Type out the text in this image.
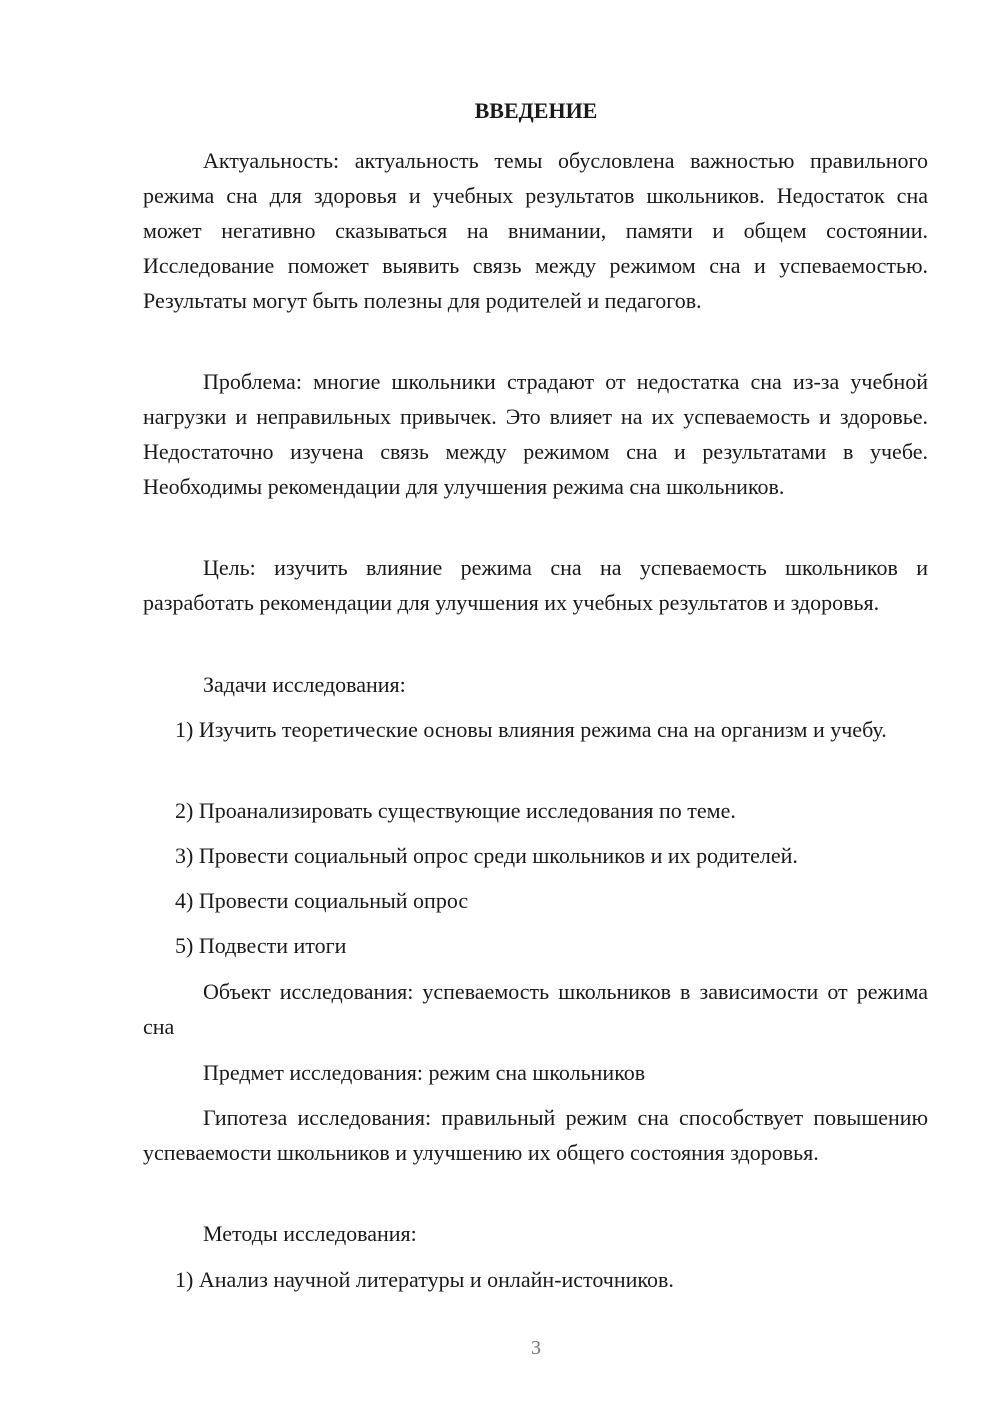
ВВЕДЕНИЕ

Актуальность: актуальность темы обусловлена важностью правильного режима сна для здоровья и учебных результатов школьников. Недостаток сна может негативно сказываться на внимании, памяти и общем состоянии. Исследование поможет выявить связь между режимом сна и успеваемостью. Результаты могут быть полезны для родителей и педагогов.

Проблема: многие школьники страдают от недостатка сна из-за учебной нагрузки и неправильных привычек. Это влияет на их успеваемость и здоровье. Недостаточно изучена связь между режимом сна и результатами в учебе. Необходимы рекомендации для улучшения режима сна школьников.

Цель: изучить влияние режима сна на успеваемость школьников и разработать рекомендации для улучшения их учебных результатов и здоровья.

Задачи исследования:

1) Изучить теоретические основы влияния режима сна на организм и учебу.

2) Проанализировать существующие исследования по теме.

3) Провести социальный опрос среди школьников и их родителей.

4) Провести социальный опрос

5) Подвести итоги

Объект исследования: успеваемость школьников в зависимости от режима сна

Предмет исследования: режим сна школьников

Гипотеза исследования: правильный режим сна способствует повышению успеваемости школьников и улучшению их общего состояния здоровья.

Методы исследования:

1) Анализ научной литературы и онлайн-источников.

3
